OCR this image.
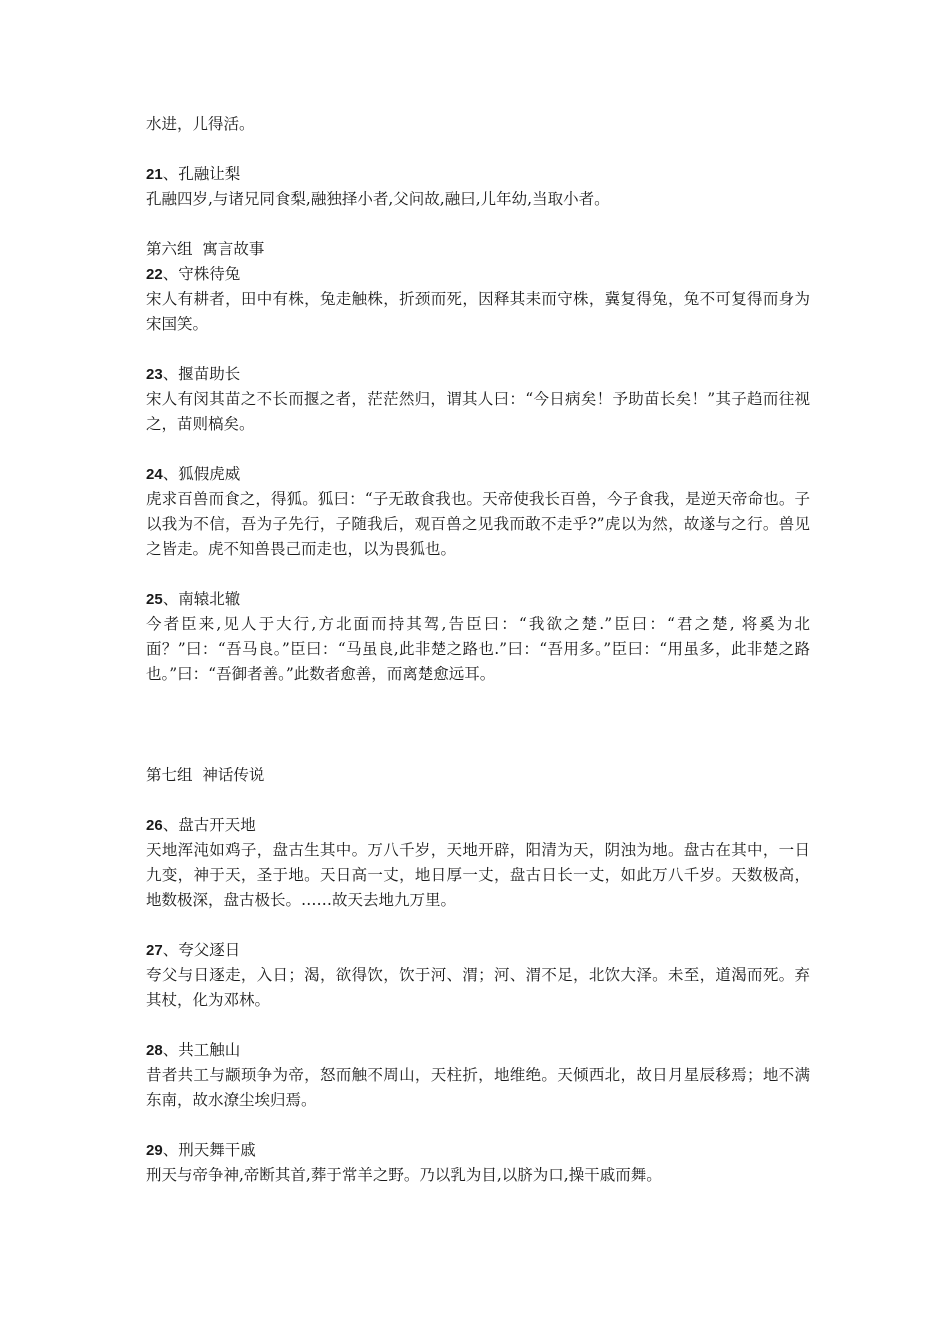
水进，儿得活。
21、孔融让梨
孔融四岁,与诸兄同食梨,融独择小者,父问故,融曰,儿年幼,当取小者。
第六组  寓言故事
22、守株待兔
宋人有耕者，田中有株，兔走触株，折颈而死，因释其耒而守株，冀复得兔，兔不可复得而身为宋国笑。
23、揠苗助长
宋人有闵其苗之不长而揠之者，茫茫然归，谓其人曰：“今日病矣！予助苗长矣！”其子趋而往视之，苗则槁矣。
24、狐假虎威
虎求百兽而食之，得狐。狐曰：“子无敢食我也。天帝使我长百兽，今子食我，是逆天帝命也。子以我为不信，吾为子先行，子随我后，观百兽之见我而敢不走乎?”虎以为然，故遂与之行。兽见之皆走。虎不知兽畏己而走也，以为畏狐也。
25、南辕北辙
今者臣来,见人于大行,方北面而持其驾,告臣曰：“我欲之楚.”臣曰：“君之楚, 将奚为北面？”曰：“吾马良。”臣曰：“马虽良,此非楚之路也.”曰：“吾用多。”臣曰：“用虽多，此非楚之路也。”曰：“吾御者善。”此数者愈善，而离楚愈远耳。
第七组  神话传说
26、盘古开天地
天地浑沌如鸡子，盘古生其中。万八千岁，天地开辟，阳清为天，阴浊为地。盘古在其中，一日九变，神于天，圣于地。天日高一丈，地日厚一丈，盘古日长一丈，如此万八千岁。天数极高，地数极深，盘古极长。……故天去地九万里。
27、夸父逐日
夸父与日逐走，入日；渴，欲得饮，饮于河、渭；河、渭不足，北饮大泽。未至，道渴而死。弃其杖，化为邓林。
28、共工触山
昔者共工与颛顼争为帝，怒而触不周山，天柱折，地维绝。天倾西北，故日月星辰移焉；地不满东南，故水潦尘埃归焉。
29、刑天舞干戚
刑天与帝争神,帝断其首,葬于常羊之野。乃以乳为目,以脐为口,操干戚而舞。
